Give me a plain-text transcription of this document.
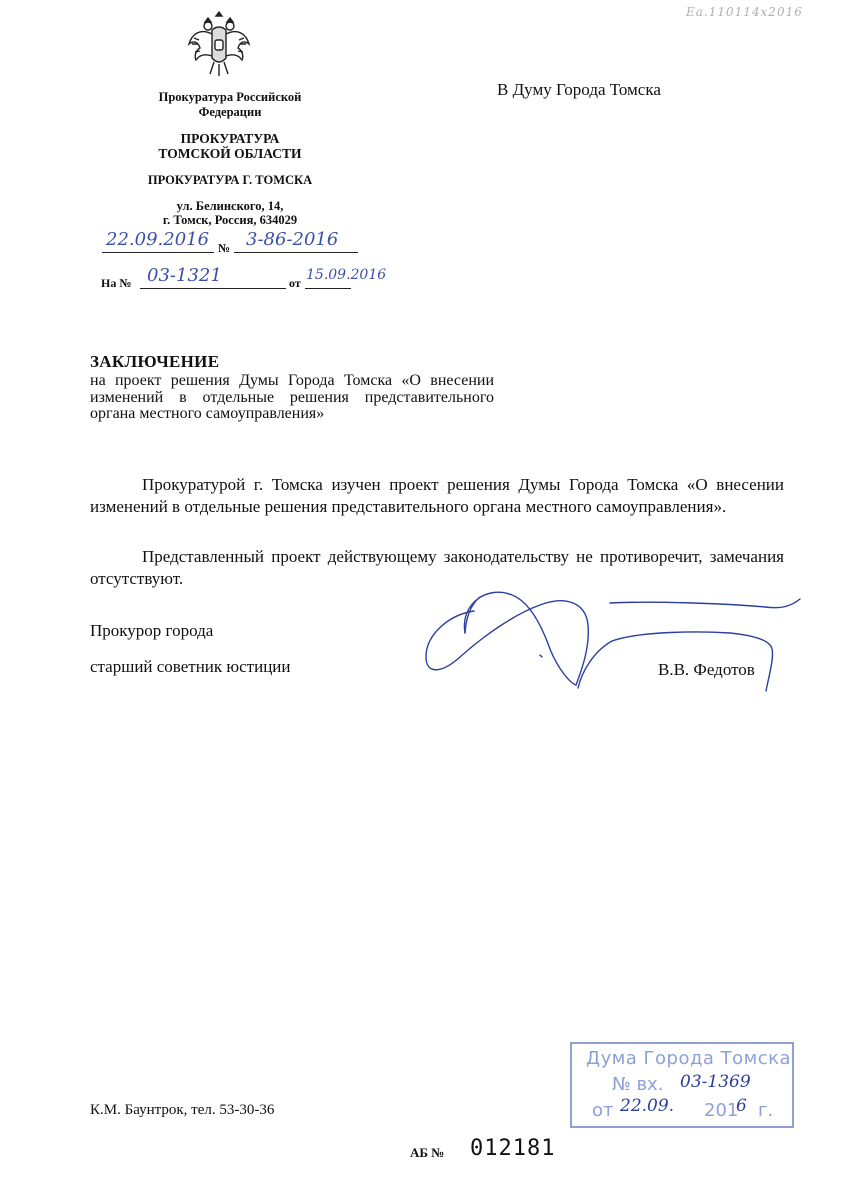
Ea.110114x2016
Прокуратура Российской
Федерации
ПРОКУРАТУРА
ТОМСКОЙ ОБЛАСТИ
ПРОКУРАТУРА Г. ТОМСКА
ул. Белинского, 14,
г. Томск, Россия, 634029
22.09.2016 № 3-86-2016
На № 03-1321	от 15.09.2016
В Думу Города Томска
ЗАКЛЮЧЕНИЕ
на проект решения Думы Города Томска «О внесении изменений в отдельные решения представительного органа местного самоуправления»
Прокуратурой г. Томска изучен проект решения Думы Города Томска «О внесении изменений в отдельные решения представительного органа местного самоуправления».
Представленный проект действующему законодательству не противоречит, замечания отсутствуют.
Прокурор города
старший советник юстиции	В.В. Федотов
Дума Города Томска
№ вх. 03-1369
от 22.09. 201
6 г.
К.М. Баунтрок, тел. 53-30-36
АБ № 012181
